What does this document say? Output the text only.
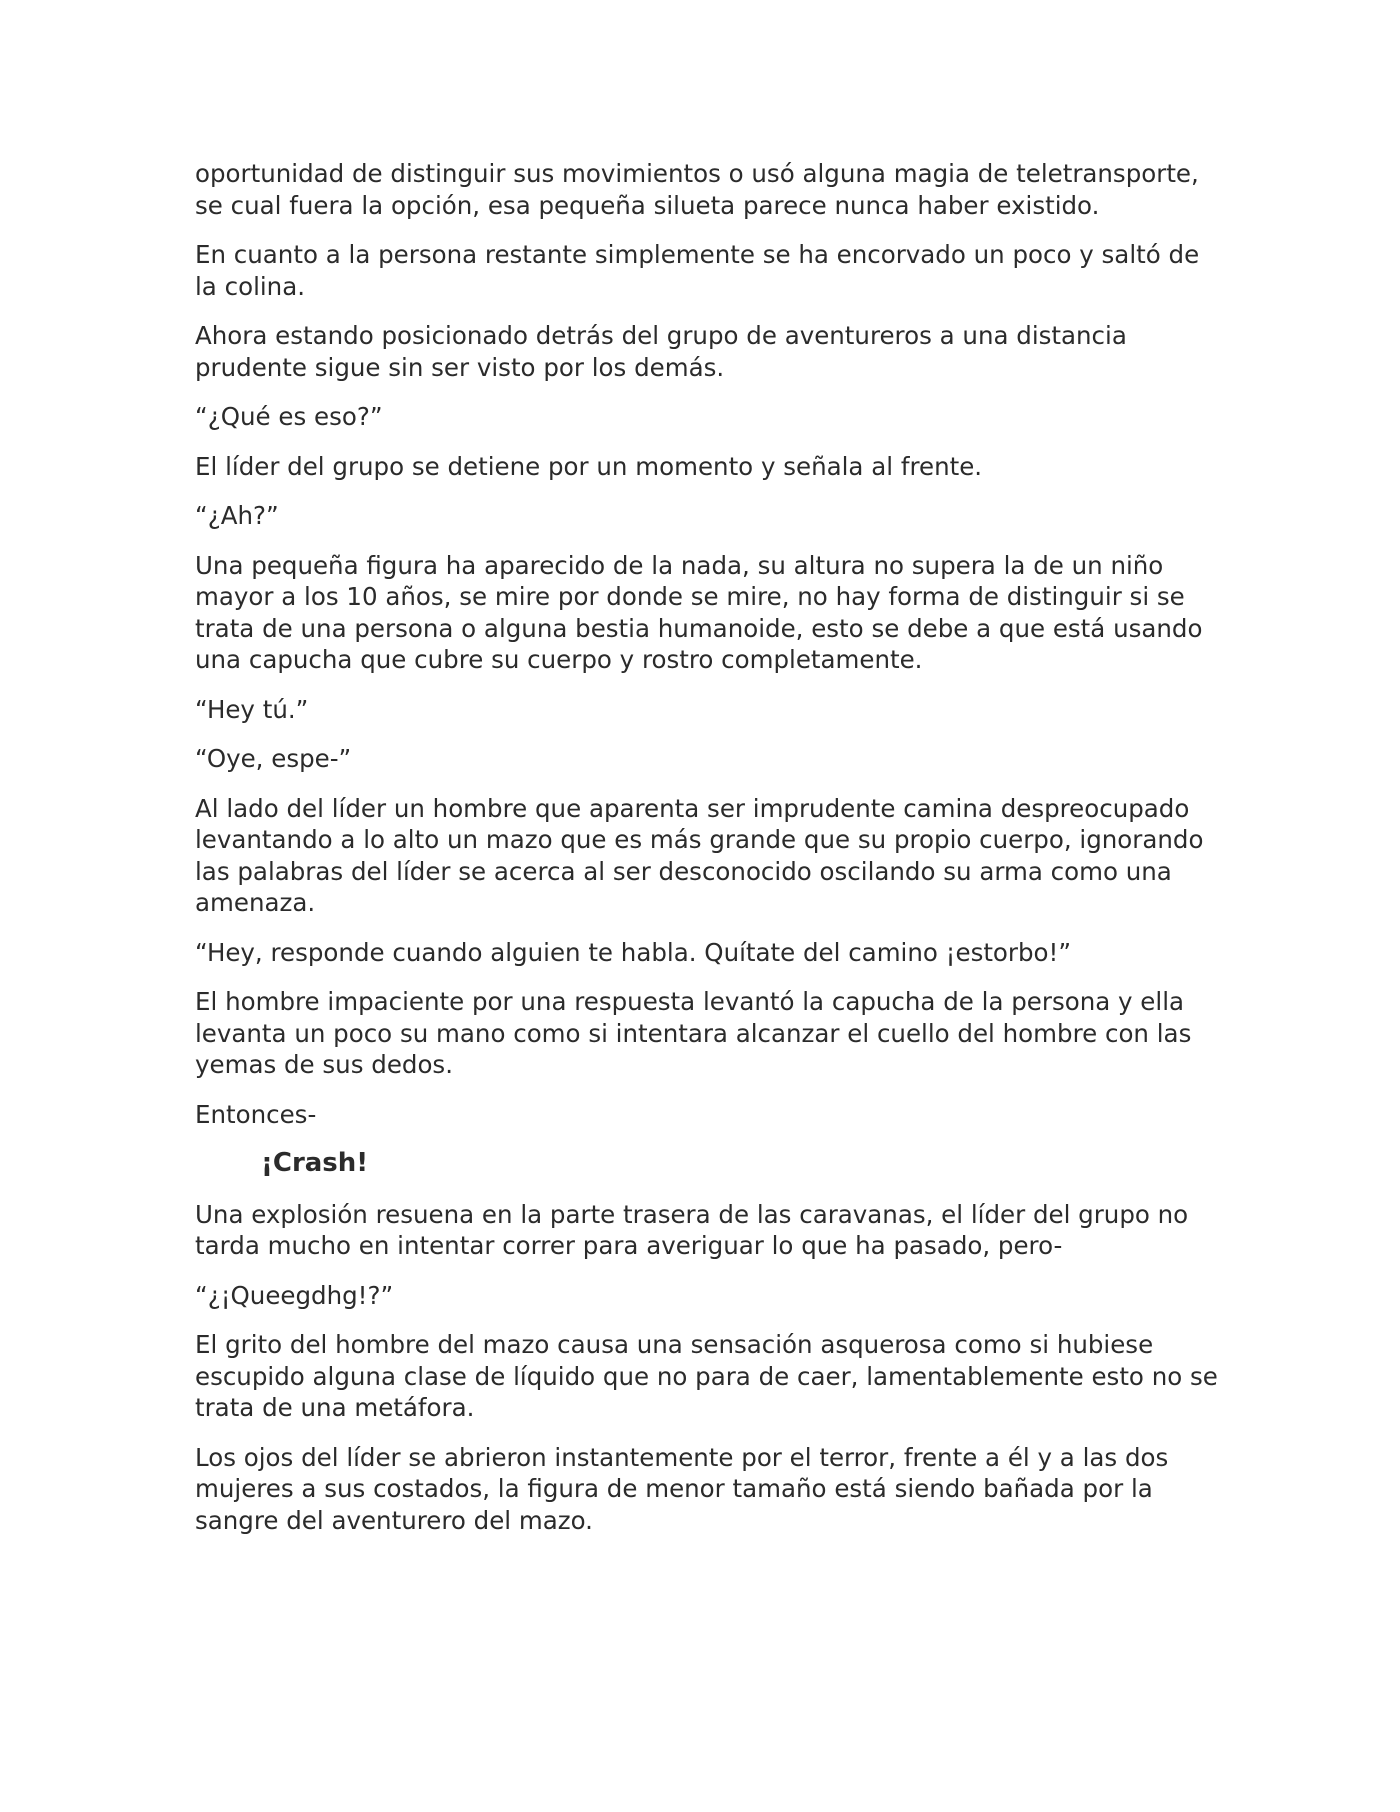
oportunidad de distinguir sus movimientos o usó alguna magia de teletransporte, se cual fuera la opción, esa pequeña silueta parece nunca haber existido.

En cuanto a la persona restante simplemente se ha encorvado un poco y saltó de la colina.

Ahora estando posicionado detrás del grupo de aventureros a una distancia prudente sigue sin ser visto por los demás.

“¿Qué es eso?”

El líder del grupo se detiene por un momento y señala al frente.

“¿Ah?”

Una pequeña figura ha aparecido de la nada, su altura no supera la de un niño mayor a los 10 años, se mire por donde se mire, no hay forma de distinguir si se trata de una persona o alguna bestia humanoide, esto se debe a que está usando una capucha que cubre su cuerpo y rostro completamente.

“Hey tú.”

“Oye, espe-”

Al lado del líder un hombre que aparenta ser imprudente camina despreocupado levantando a lo alto un mazo que es más grande que su propio cuerpo, ignorando las palabras del líder se acerca al ser desconocido oscilando su arma como una amenaza.

“Hey, responde cuando alguien te habla. Quítate del camino ¡estorbo!”

El hombre impaciente por una respuesta levantó la capucha de la persona y ella levanta un poco su mano como si intentara alcanzar el cuello del hombre con las yemas de sus dedos.

Entonces-

¡Crash!

Una explosión resuena en la parte trasera de las caravanas, el líder del grupo no tarda mucho en intentar correr para averiguar lo que ha pasado, pero-

“¿¡Queegdhg!?”

El grito del hombre del mazo causa una sensación asquerosa como si hubiese escupido alguna clase de líquido que no para de caer, lamentablemente esto no se trata de una metáfora.

Los ojos del líder se abrieron instantemente por el terror, frente a él y a las dos mujeres a sus costados, la figura de menor tamaño está siendo bañada por la sangre del aventurero del mazo.
